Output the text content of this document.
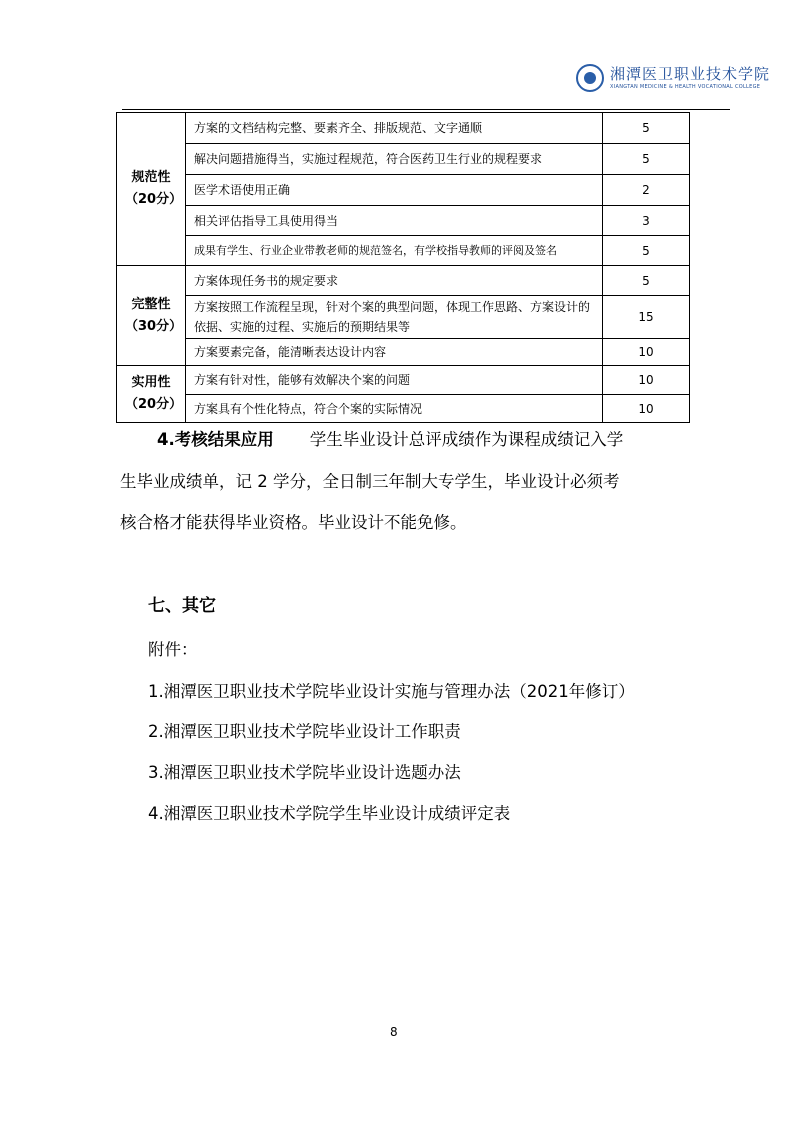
湘潭医卫职业技术学院
XIANGTAN MEDICINE & HEALTH VOCATIONAL COLLEGE
规范性
（20分）	方案的文档结构完整、要素齐全、排版规范、文字通顺	5
	解决问题措施得当，实施过程规范，符合医药卫生行业的规程要求	5
	医学术语使用正确	2
	相关评估指导工具使用得当	3
	成果有学生、行业企业带教老师的规范签名，有学校指导教师的评阅及签名	5

完整性
（30分）	方案体现任务书的规定要求	5
	方案按照工作流程呈现，针对个案的典型问题，体现工作思路、方案设计的依据、实施的过程、实施后的预期结果等	15
	方案要素完备，能清晰表达设计内容	10

实用性
（20分）	方案有针对性，能够有效解决个案的问题	10
	方案具有个性化特点，符合个案的实际情况	10
4.考核结果应用 学生毕业设计总评成绩作为课程成绩记入学
生毕业成绩单，记 2 学分，全日制三年制大专学生，毕业设计必须考
核合格才能获得毕业资格。毕业设计不能免修。
七、其它
附件：
1.湘潭医卫职业技术学院毕业设计实施与管理办法（2021年修订）
2.湘潭医卫职业技术学院毕业设计工作职责
3.湘潭医卫职业技术学院毕业设计选题办法
4.湘潭医卫职业技术学院学生毕业设计成绩评定表
8
